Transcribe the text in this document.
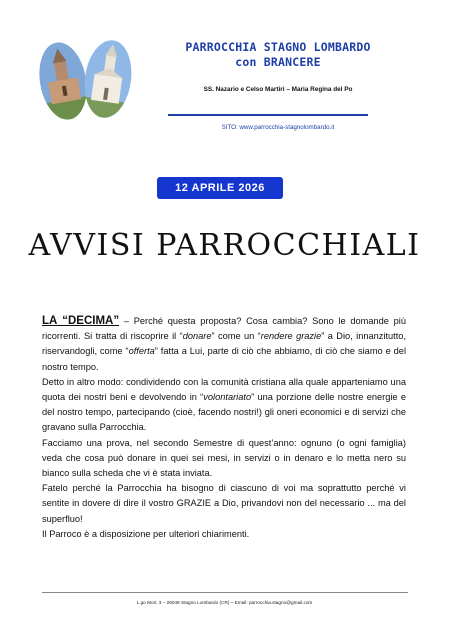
PARROCCHIA STAGNO LOMBARDO
con BRANCERE
SS. Nazario e Celso Martiri – Maria Regina del Po
SITO: www.parrocchia-stagnolombardo.it
12 APRILE 2026
AVVISI PARROCCHIALI

LA “DECIMA” – Perché questa proposta? Cosa cambia? Sono le domande più ricorrenti. Si tratta di riscoprire il “donare” come un “rendere grazie” a Dio, innanzitutto, riservandogli, come “offerta” fatta a Lui, parte di ciò che abbiamo, di ciò che siamo e del nostro tempo.

Detto in altro modo: condividendo con la comunità cristiana alla quale apparteniamo una quota dei nostri beni e devolvendo in “volontariato” una porzione delle nostre energie e del nostro tempo, partecipando (cioè, facendo nostri!) gli oneri economici e di servizi che gravano sulla Parrocchia.

Facciamo una prova, nel secondo Semestre di quest’anno: ognuno (o ogni famiglia) veda che cosa può donare in quei sei mesi, in servizi o in denaro e lo metta nero su bianco sulla scheda che vi è stata inviata.

Fatelo perché la Parrocchia ha bisogno di ciascuno di voi ma soprattutto perché vi sentite in dovere di dire il vostro GRAZIE a Dio, privandovi non del necessario ... ma del superfluo!

Il Parroco è a disposizione per ulteriori chiarimenti.

L.go Mori, 3 – 26049 Stagno Lombardo (CR) – Email: parrocchia.stagno@gmail.com
